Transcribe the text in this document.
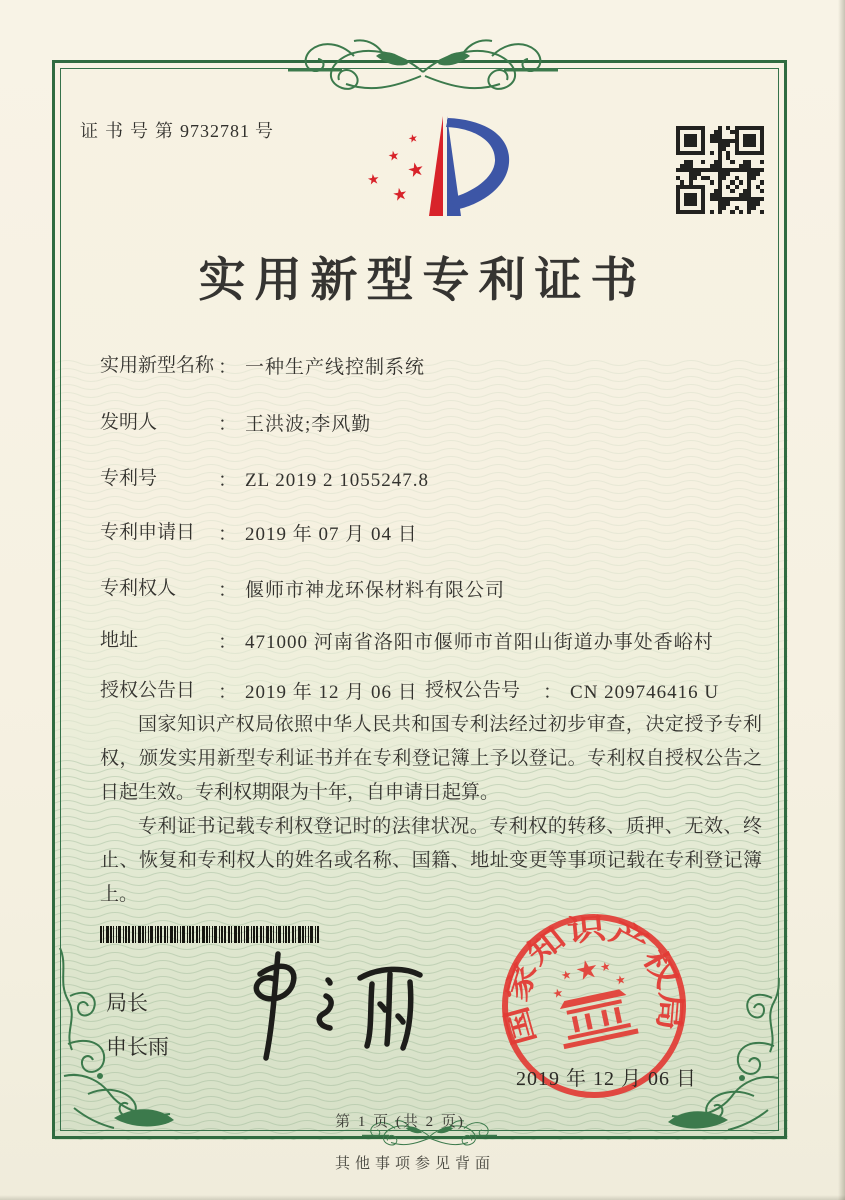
证书号第9732781 号	★
★
★
★
★
实用新型专利证书
实用新型名称 ： 一种生产线控制系统
发明人	： 王洪波;李风勤
专利号	： ZL 2019 2 1055247.8
专利申请日 ： 2019 年 07 月 04 日
专利权人 ： 偃师市神龙环保材料有限公司
地址	： 471000 河南省洛阳市偃师市首阳山街道办事处香峪村
授权公告日 ： 2019 年 12 月 06 日 授权公告号 ： CN 209746416 U

国家知识产权局依照中华人民共和国专利法经过初步审查，决定授予专利权，颁发实用新型专利证书并在专利登记簿上予以登记。专利权自授权公告之日起生效。专利权期限为十年，自申请日起算。

专利证书记载专利权登记时的法律状况。专利权的转移、质押、无效、终止、恢复和专利权人的姓名或名称、国籍、地址变更等事项记载在专利登记簿上。

局长
申长雨	国家知识产权局
★
★
★
★
★
2019 年 12 月 06 日
第 1 页 (共 2 页)
其他事项参见背面
